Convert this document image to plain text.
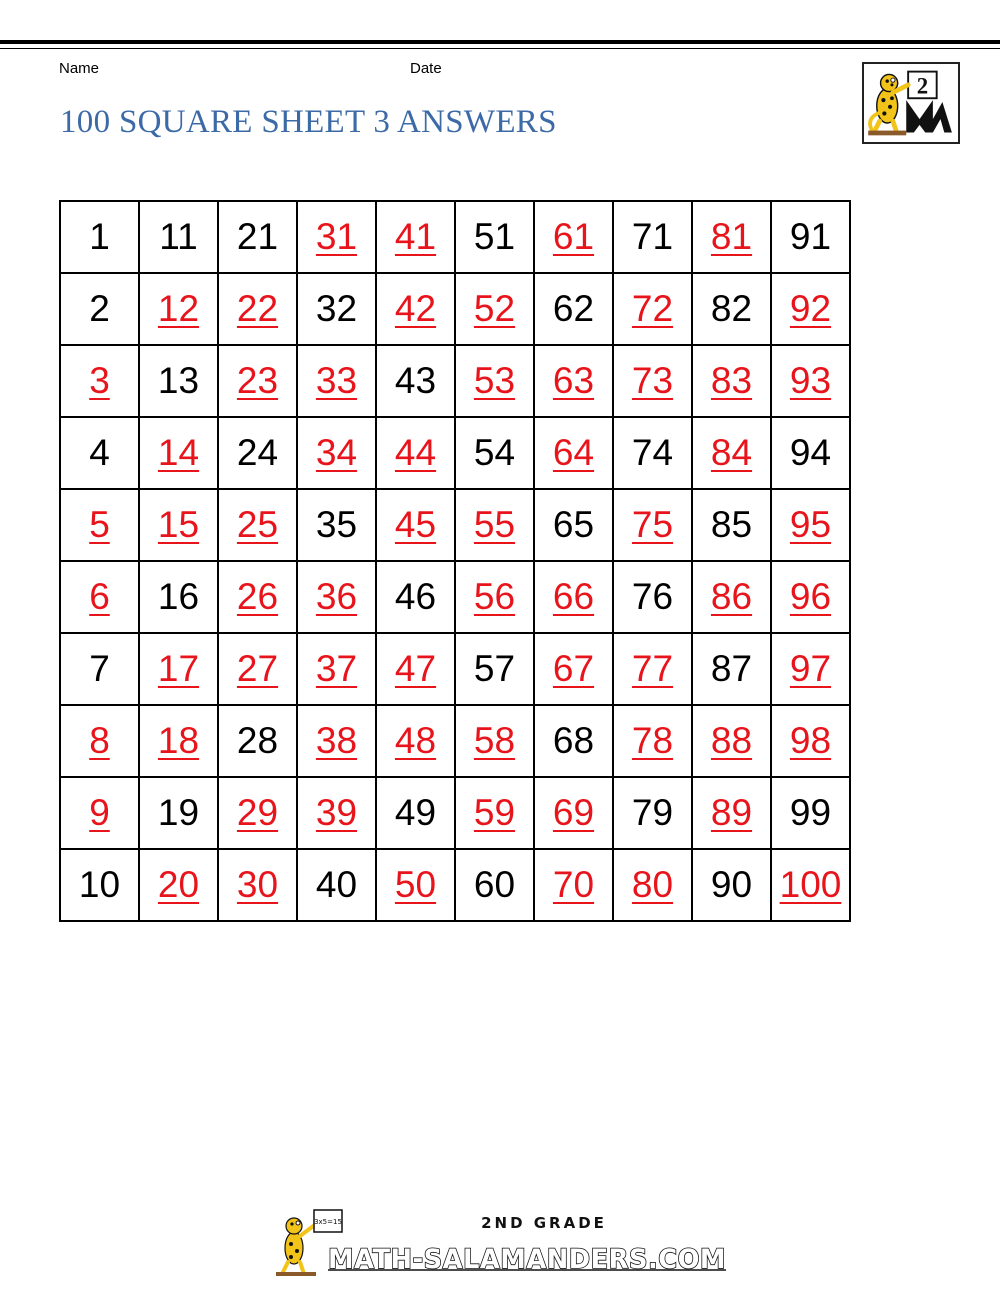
Name	Date
100 SQUARE SHEET 3 ANSWERS
2
1	11	21	31	41	51	61	71	81	91
2	12	22	32	42	52	62	72	82	92
3	13	23	33	43	53	63	73	83	93
4	14	24	34	44	54	64	74	84	94
5	15	25	35	45	55	65	75	85	95
6	16	26	36	46	56	66	76	86	96
7	17	27	37	47	57	67	77	87	97
8	18	28	38	48	58	68	78	88	98
9	19	29	39	49	59	69	79	89	99
10	20	30	40	50	60	70	80	90	100
3x5=15	2ND GRADE
MATH-SALAMANDERS.COM
